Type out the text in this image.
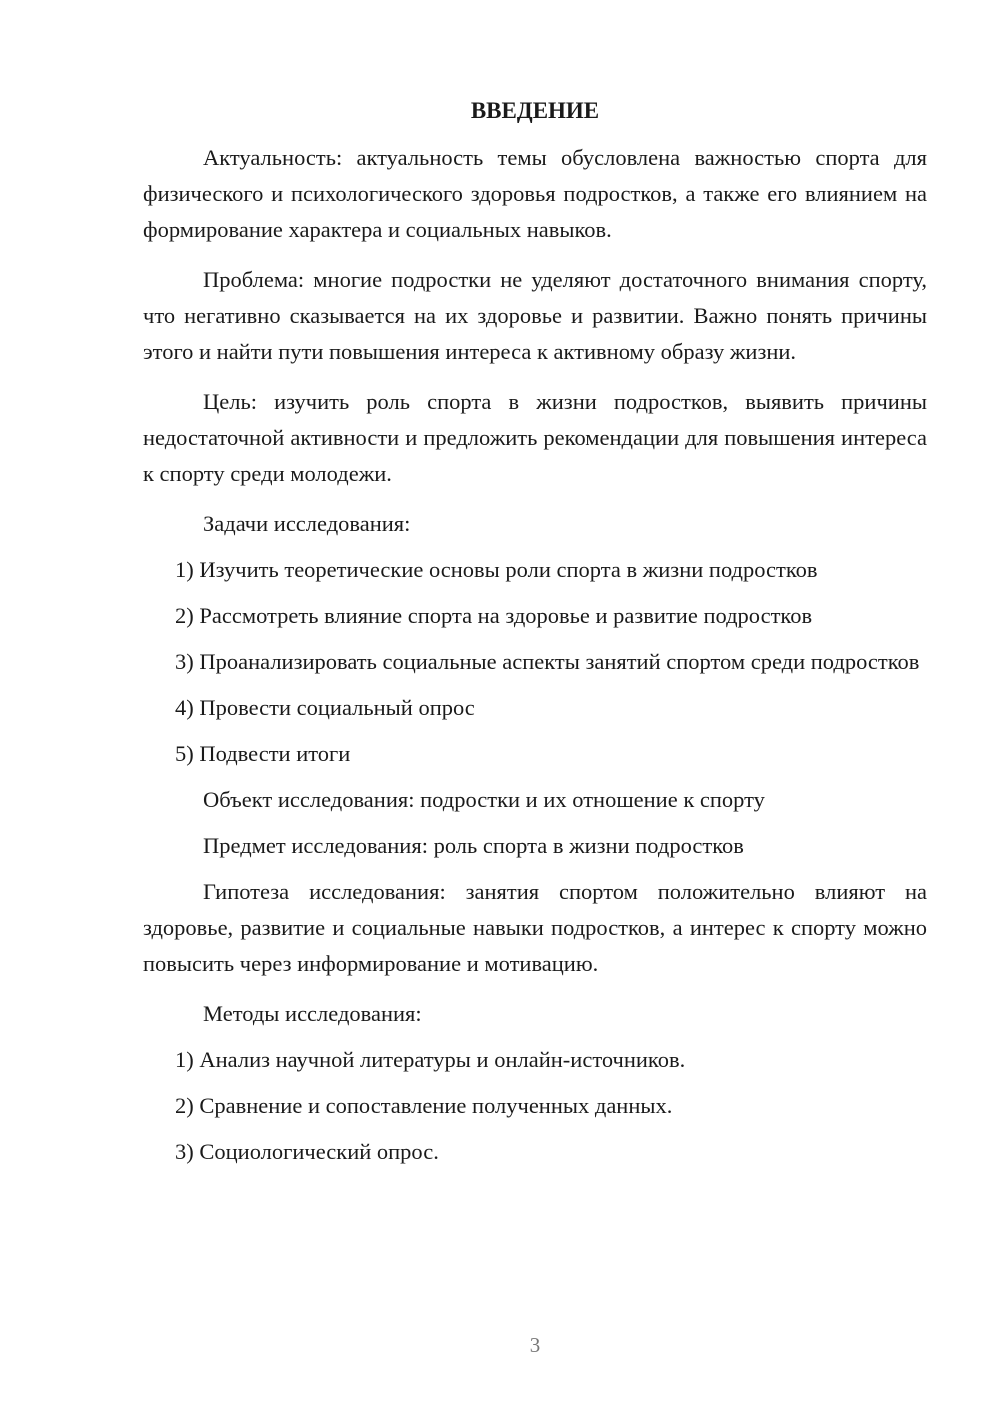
ВВЕДЕНИЕ

Актуальность: актуальность темы обусловлена важностью спорта для физического и психологического здоровья подростков, а также его влиянием на формирование характера и социальных навыков.

Проблема: многие подростки не уделяют достаточного внимания спорту, что негативно сказывается на их здоровье и развитии. Важно понять причины этого и найти пути повышения интереса к активному образу жизни.

Цель: изучить роль спорта в жизни подростков, выявить причины недостаточной активности и предложить рекомендации для повышения интереса к спорту среди молодежи.

Задачи исследования:

1) Изучить теоретические основы роли спорта в жизни подростков

2) Рассмотреть влияние спорта на здоровье и развитие подростков

3) Проанализировать социальные аспекты занятий спортом среди подростков

4) Провести социальный опрос

5) Подвести итоги

Объект исследования: подростки и их отношение к спорту

Предмет исследования: роль спорта в жизни подростков

Гипотеза исследования: занятия спортом положительно влияют на здоровье, развитие и социальные навыки подростков, а интерес к спорту можно повысить через информирование и мотивацию.

Методы исследования:

1) Анализ научной литературы и онлайн-источников.

2) Сравнение и сопоставление полученных данных.

3) Социологический опрос.

3
